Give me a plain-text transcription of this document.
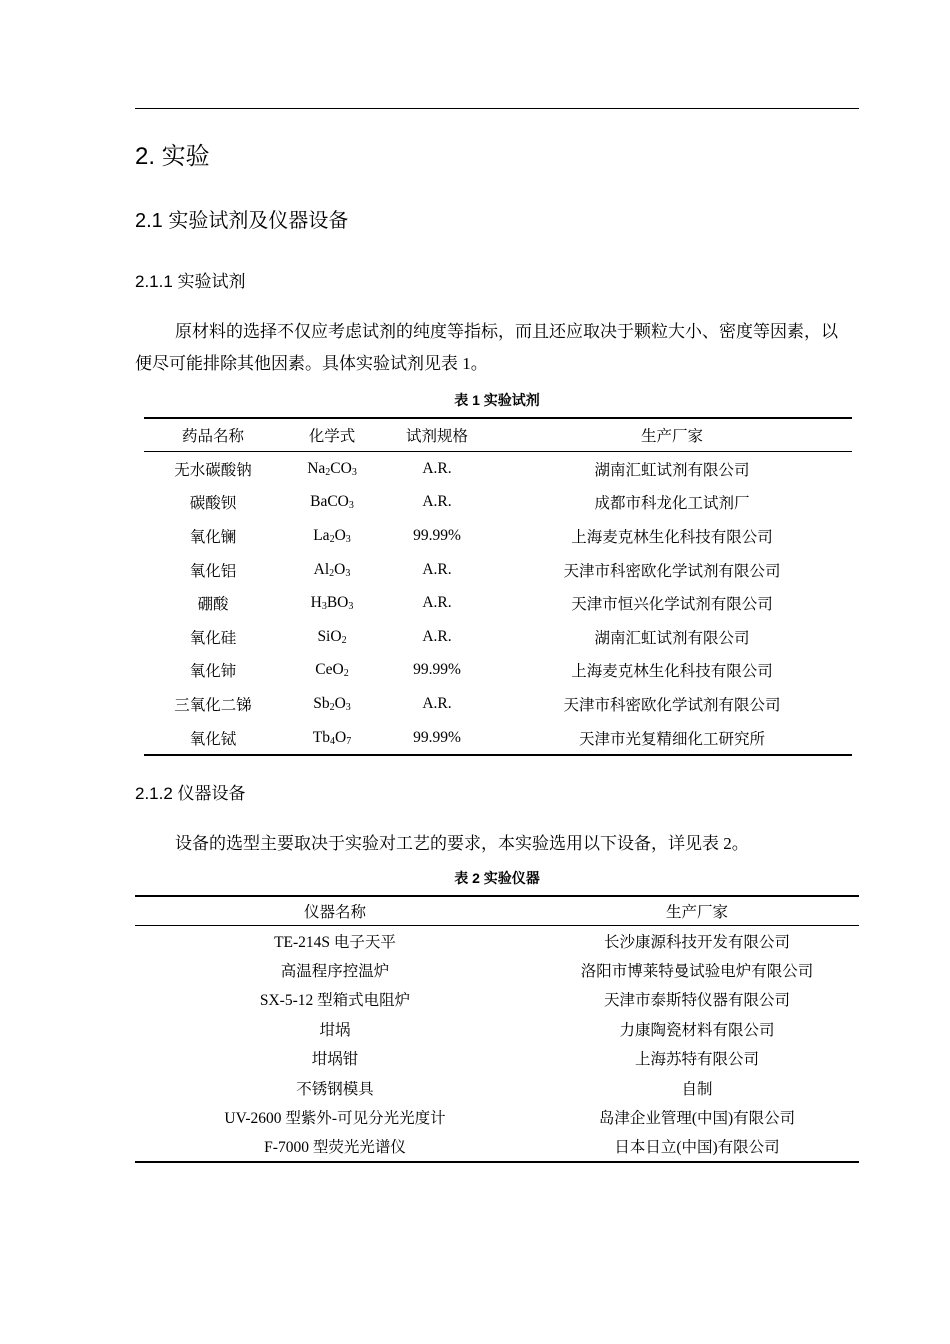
2. 实验
2.1 实验试剂及仪器设备
2.1.1 实验试剂
原材料的选择不仅应考虑试剂的纯度等指标，而且还应取决于颗粒大小、密度等因素，以便尽可能排除其他因素。具体实验试剂见表 1。
表 1 实验试剂
药品名称	化学式	试剂规格	生产厂家
无水碳酸钠	$Na_2CO_3$	A.R.	湖南汇虹试剂有限公司
碳酸钡	BaCO$_3$	A.R.	成都市科龙化工试剂厂
氧化镧	$La_2O_3$	99.99%	上海麦克林生化科技有限公司
氧化铝	$Al_2O_3$	A.R.	天津市科密欧化学试剂有限公司
硼酸	$H_3BO_3$	A.R.	天津市恒兴化学试剂有限公司
氧化硅	SiO$_2$	A.R.	湖南汇虹试剂有限公司
氧化铈	CeO$_2$	99.99%	上海麦克林生化科技有限公司
三氧化二锑	$Sb_2O_3$	A.R.	天津市科密欧化学试剂有限公司
氧化铽	$Tb_4O_7$	99.99%	天津市光复精细化工研究所
2.1.2 仪器设备
设备的选型主要取决于实验对工艺的要求，本实验选用以下设备，详见表 2。
表 2 实验仪器
仪器名称	生产厂家
TE-214S 电子天平	长沙康源科技开发有限公司
高温程序控温炉	洛阳市博莱特曼试验电炉有限公司
SX-5-12 型箱式电阻炉	天津市泰斯特仪器有限公司
坩埚	力康陶瓷材料有限公司
坩埚钳	上海苏特有限公司
不锈钢模具	自制
UV-2600 型紫外-可见分光光度计	岛津企业管理(中国)有限公司
F-7000 型荧光光谱仪	日本日立(中国)有限公司
